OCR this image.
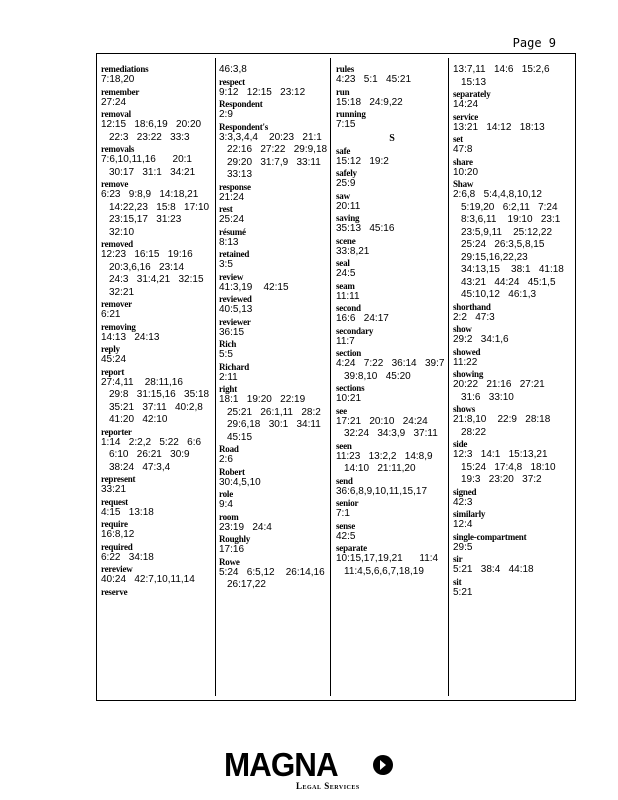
Page 9
remediations
7:18,20
remember
27:24
removal
12:15   18:6,19   20:20
22:3   23:22   33:3
removals
7:6,10,11,16      20:1
30:17   31:1   34:21
remove
6:23   9:8,9   14:18,21
14:22,23   15:8   17:10
23:15,17   31:23
32:10
removed
12:23   16:15   19:16
20:3,6,16   23:14
24:3   31:4,21   32:15
32:21
remover
6:21
removing
14:13   24:13
reply
45:24
report
27:4,11    28:11,16
29:8   31:15,16   35:18
35:21   37:11   40:2,8
41:20   42:10
reporter
1:14   2:2,2   5:22   6:6
6:10   26:21   30:9
38:24   47:3,4
represent
33:21
request
4:15   13:18
require
16:8,12
required
6:22   34:18
rereview
40:24   42:7,10,11,14
reserve
46:3,8
respect
9:12   12:15   23:12
Respondent
2:9
Respondent's
3:3,3,4,4    20:23   21:1
22:16   27:22   29:9,18
29:20   31:7,9   33:11
33:13
response
21:24
rest
25:24
résumé
8:13
retained
3:5
review
41:3,19    42:15
reviewed
40:5,13
reviewer
36:15
Rich
5:5
Richard
2:11
right
18:1   19:20   22:19
25:21   26:1,11   28:2
29:6,18   30:1   34:11
45:15
Road
2:6
Robert
30:4,5,10
role
9:4
room
23:19   24:4
Roughly
17:16
Rowe
5:24   6:5,12    26:14,16
26:17,22
rules
4:23   5:1   45:21
run
15:18   24:9,22
running
7:15
S
safe
15:12   19:2
safely
25:9
saw
20:11
saving
35:13   45:16
scene
33:8,21
seal
24:5
seam
11:11
second
16:6   24:17
secondary
11:7
section
4:24   7:22   36:14   39:7
39:8,10   45:20
sections
10:21
see
17:21   20:10   24:24
32:24   34:3,9   37:11
seen
11:23   13:2,2   14:8,9
14:10   21:11,20
send
36:6,8,9,10,11,15,17
senior
7:1
sense
42:5
separate
10:15,17,19,21      11:4
11:4,5,6,6,7,18,19
13:7,11   14:6   15:2,6
15:13
separately
14:24
service
13:21   14:12   18:13
set
47:8
share
10:20
Shaw
2:6,8   5:4,4,8,10,12
5:19,20   6:2,11   7:24
8:3,6,11    19:10   23:1
23:5,9,11    25:12,22
25:24   26:3,5,8,15
29:15,16,22,23
34:13,15    38:1   41:18
43:21   44:24   45:1,5
45:10,12   46:1,3
shorthand
2:2   47:3
show
29:2   34:1,6
showed
11:22
showing
20:22   21:16   27:21
31:6   33:10
shows
21:8,10    22:9   28:18
28:22
side
12:3   14:1   15:13,21
15:24   17:4,8   18:10
19:3   23:20   37:2
signed
42:3
similarly
12:4
single-compartment
29:5
sir
5:21   38:4   44:18
sit
5:21
MAGNA
Legal Services
